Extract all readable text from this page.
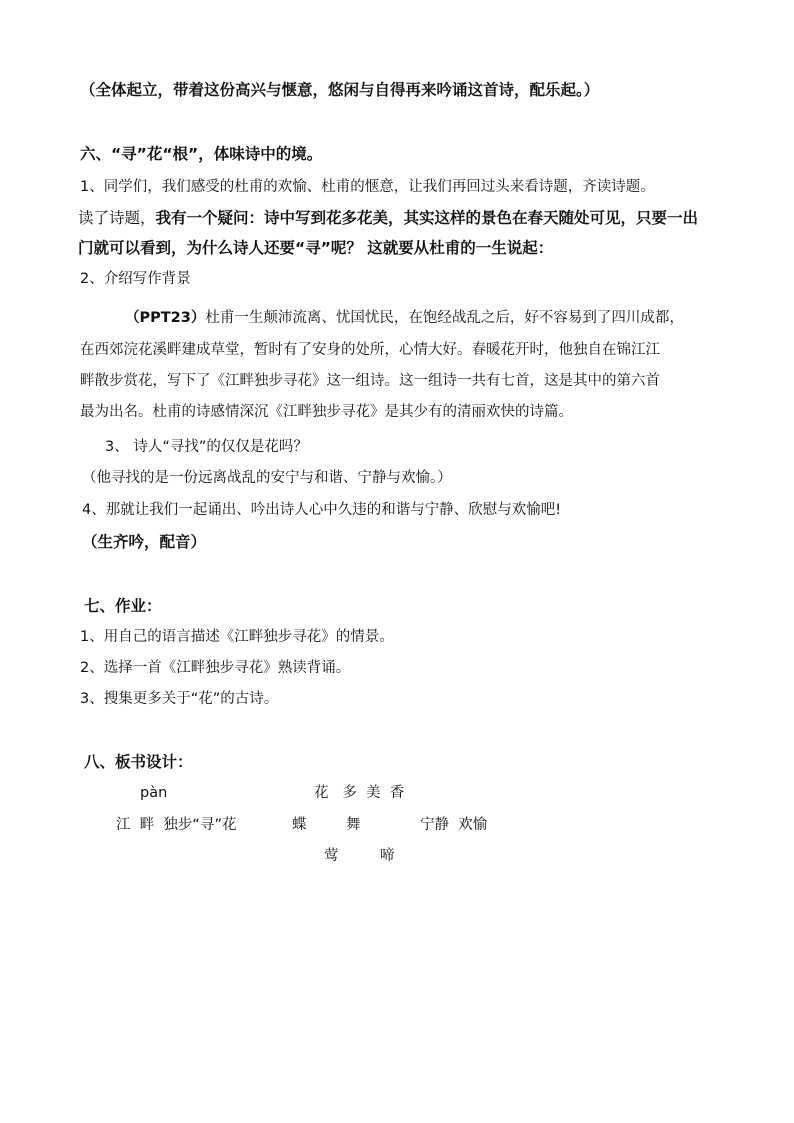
（全体起立，带着这份高兴与惬意，悠闲与自得再来吟诵这首诗，配乐起。）
六、“寻”花“根”，体味诗中的境。
1、同学们，我们感受的杜甫的欢愉、杜甫的惬意，让我们再回过头来看诗题，齐读诗题。
读了诗题，我有一个疑问：诗中写到花多花美，其实这样的景色在春天随处可见，只要一出
门就可以看到，为什么诗人还要“寻”呢？ 这就要从杜甫的一生说起：
2、介绍写作背景
（PPT23）杜甫一生颠沛流离、忧国忧民，在饱经战乱之后，好不容易到了四川成都，
在西郊浣花溪畔建成草堂，暂时有了安身的处所，心情大好。春暖花开时，他独自在锦江江
畔散步赏花，写下了《江畔独步寻花》这一组诗。这一组诗一共有七首，这是其中的第六首
最为出名。杜甫的诗感情深沉《江畔独步寻花》是其少有的清丽欢快的诗篇。
3、 诗人“寻找”的仅仅是花吗？
（他寻找的是一份远离战乱的安宁与和谐、宁静与欢愉。）
4、那就让我们一起诵出、吟出诗人心中久违的和谐与宁静、欣慰与欢愉吧!
（生齐吟，配音）
七、作业：
1、用自己的语言描述《江畔独步寻花》的情景。
2、选择一首《江畔独步寻花》熟读背诵。
3、搜集更多关于“花”的古诗。
八、板书设计：
pàn	花   多  美  香
江  畔  独步“寻”花	蝶	舞	宁静  欢愉
莺	啼
